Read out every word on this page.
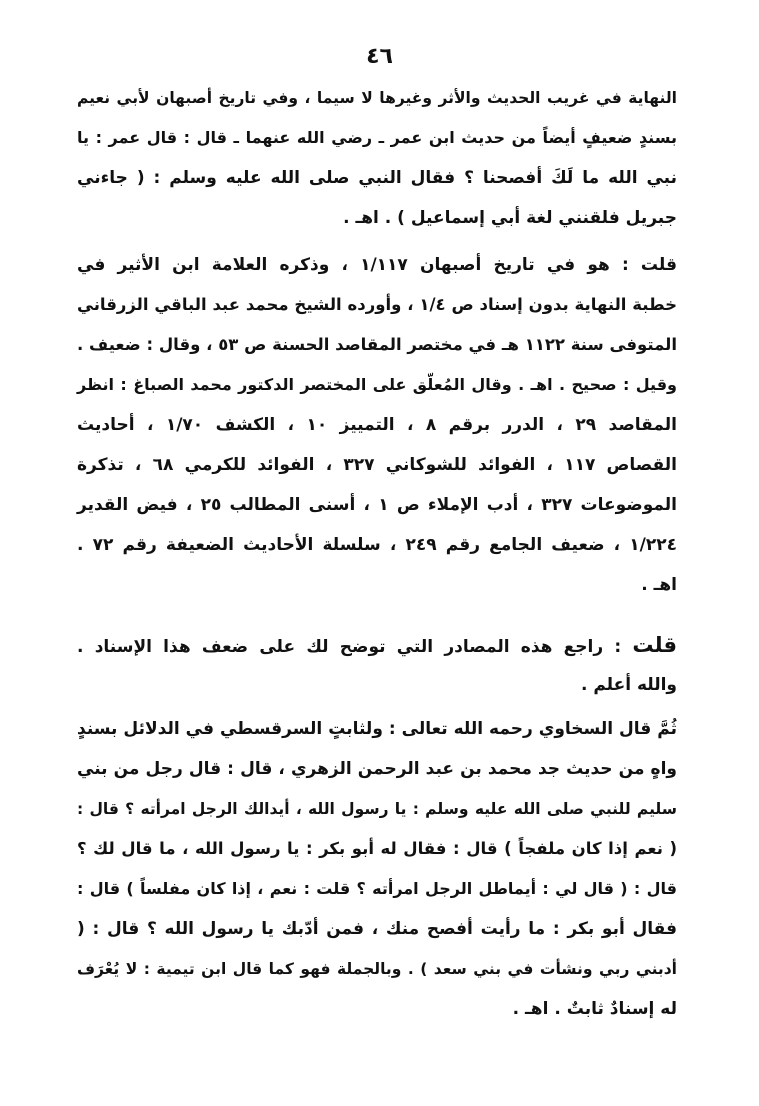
٤٦
النهاية في غريب الحديث والأثر وغيرها لا سيما ، وفي تاريخ أصبهان لأبي نعيم
بسندٍ ضعيفٍ أيضاً من حديث ابن عمر ـ رضي الله عنهما ـ قال : قال عمر : يا
نبي الله ما لَكَ أفصحنا ؟ فقال النبي صلى الله عليه وسلم : ( جاءني
جبريل فلقنني لغة أبي إسماعيل ) . اهـ .
قلت : هو في تاريخ أصبهان ١/١١٧ ، وذكره العلامة ابن الأثير في
خطبة النهاية بدون إسناد ص ١/٤ ، وأورده الشيخ محمد عبد الباقي الزرقاني
المتوفى سنة ١١٢٢ هـ في مختصر المقاصد الحسنة ص ٥٣ ، وقال : ضعيف .
وقيل : صحيح . اهـ . وقال المُعلّق على المختصر الدكتور محمد الصباغ : انظر
المقاصد ٢٩ ، الدرر برقم ٨ ، التمييز ١٠ ، الكشف ١/٧٠ ، أحاديث
القصاص ١١٧ ، الفوائد للشوكاني ٣٢٧ ، الفوائد للكرمي ٦٨ ، تذكرة
الموضوعات ٣٢٧ ، أدب الإملاء ص ١ ، أسنى المطالب ٢٥ ، فيض القدير
١/٢٢٤ ، ضعيف الجامع رقم ٢٤٩ ، سلسلة الأحاديث الضعيفة رقم ٧٢ .
اهـ .
قلت : راجع هذه المصادر التي توضح لك على ضعف هذا الإسناد .
والله أعلم .
ثُمَّ قال السخاوي رحمه الله تعالى : ولثابتٍ السرقسطي في الدلائل بسندٍ
واهٍ من حديث جد محمد بن عبد الرحمن الزهري ، قال : قال رجل من بني
سليم للنبي صلى الله عليه وسلم : يا رسول الله ، أيدالك الرجل امرأته ؟ قال :
( نعم إذا كان ملفجاً ) قال : فقال له أبو بكر : يا رسول الله ، ما قال لك ؟
قال : ( قال لي : أيماطل الرجل امرأته ؟ قلت : نعم ، إذا كان مفلساً ) قال :
فقال أبو بكر : ما رأيت أفصح منك ، فمن أدّبك يا رسول الله ؟ قال : (
أدبني ربي ونشأت في بني سعد ) . وبالجملة فهو كما قال ابن تيمية : لا يُعْرَف
له إسنادٌ ثابتٌ . اهـ .
